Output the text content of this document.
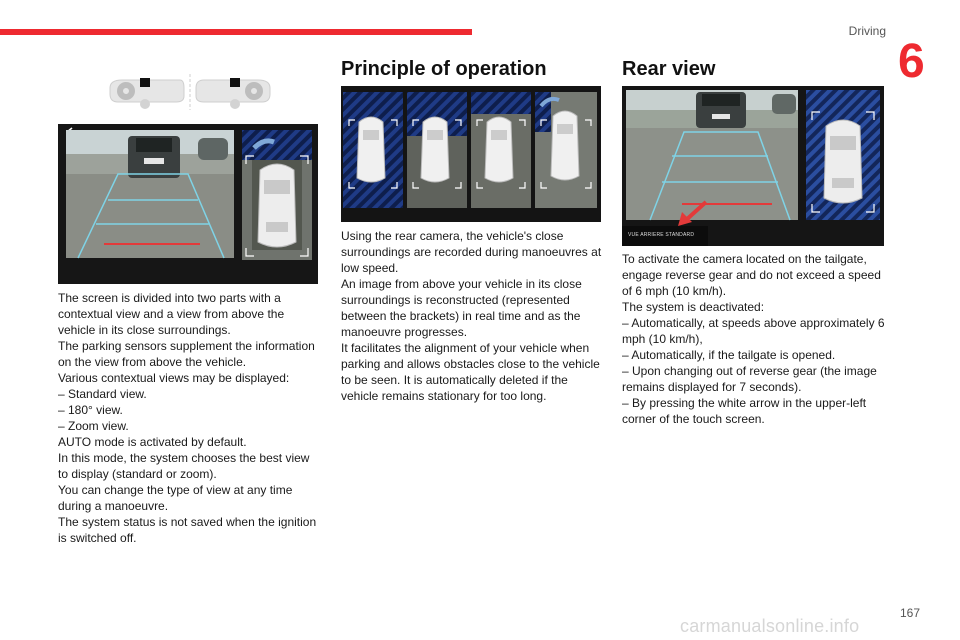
Driving
6

The screen is divided into two parts with a contextual view and a view from above the vehicle in its close surroundings.

The parking sensors supplement the information on the view from above the vehicle.

Various contextual views may be displayed:

– Standard view.

– 180° view.

– Zoom view.

AUTO mode is activated by default.

In this mode, the system chooses the best view to display (standard or zoom).

You can change the type of view at any time during a manoeuvre.

The system status is not saved when the ignition is switched off.

Principle of operation

Using the rear camera, the vehicle's close surroundings are recorded during manoeuvres at low speed.

An image from above your vehicle in its close surroundings is reconstructed (represented between the brackets) in real time and as the manoeuvre progresses.

It facilitates the alignment of your vehicle when parking and allows obstacles close to the vehicle to be seen. It is automatically deleted if the vehicle remains stationary for too long.

Rear view
VUE ARRIERE STANDARD

To activate the camera located on the tailgate, engage reverse gear and do not exceed a speed of 6 mph (10 km/h).

The system is deactivated:

– Automatically, at speeds above approximately 6 mph (10 km/h),

– Automatically, if the tailgate is opened.

– Upon changing out of reverse gear (the image remains displayed for 7 seconds).

– By pressing the white arrow in the upper-left corner of the touch screen.

167
carmanualsonline.info
